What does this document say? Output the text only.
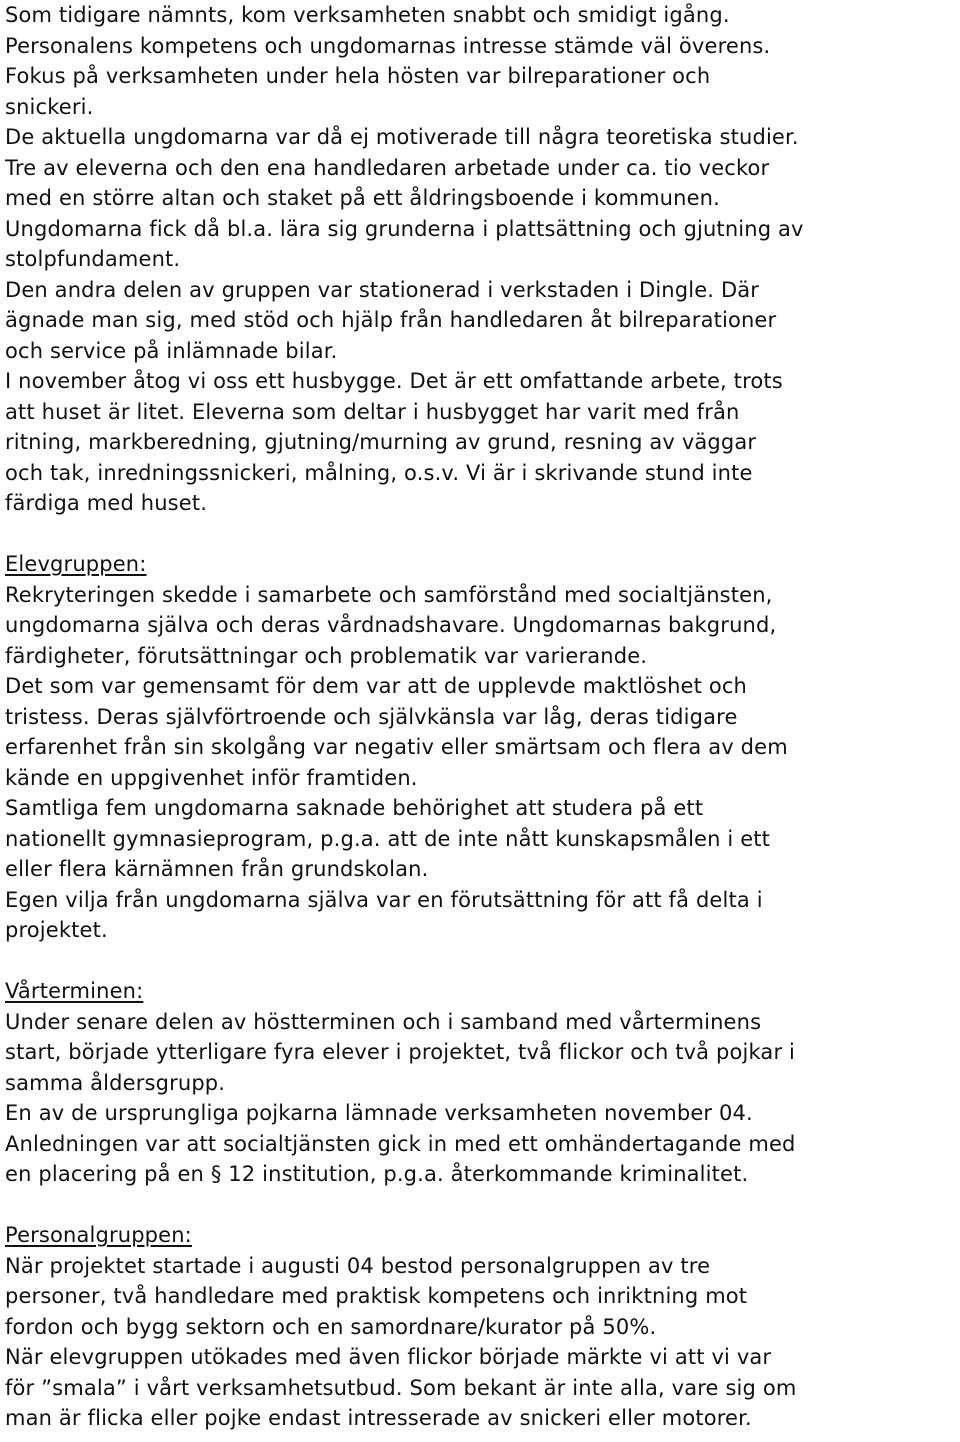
Som tidigare nämnts, kom verksamheten snabbt och smidigt igång.
Personalens kompetens och ungdomarnas intresse stämde väl överens.
Fokus på verksamheten under hela hösten var bilreparationer och
snickeri.
De aktuella ungdomarna var då ej motiverade till några teoretiska studier.
Tre av eleverna och den ena handledaren arbetade under ca. tio veckor
med en större altan och staket på ett åldringsboende i kommunen.
Ungdomarna fick då bl.a. lära sig grunderna i plattsättning och gjutning av
stolpfundament.
Den andra delen av gruppen var stationerad i verkstaden i Dingle. Där
ägnade man sig, med stöd och hjälp från handledaren åt bilreparationer
och service på inlämnade bilar.
I november åtog vi oss ett husbygge. Det är ett omfattande arbete, trots
att huset är litet. Eleverna som deltar i husbygget har varit med från
ritning, markberedning, gjutning/murning av grund, resning av väggar
och tak, inredningssnickeri, målning, o.s.v. Vi är i skrivande stund inte
färdiga med huset.
Elevgruppen:
Rekryteringen skedde i samarbete och samförstånd med socialtjänsten,
ungdomarna själva och deras vårdnadshavare. Ungdomarnas bakgrund,
färdigheter, förutsättningar och problematik var varierande.
Det som var gemensamt för dem var att de upplevde maktlöshet och
tristess. Deras självförtroende och självkänsla var låg, deras tidigare
erfarenhet från sin skolgång var negativ eller smärtsam och flera av dem
kände en uppgivenhet inför framtiden.
Samtliga fem ungdomarna saknade behörighet att studera på ett
nationellt gymnasieprogram, p.g.a. att de inte nått kunskapsmålen i ett
eller flera kärnämnen från grundskolan.
Egen vilja från ungdomarna själva var en förutsättning för att få delta i
projektet.
Vårterminen:
Under senare delen av höstterminen och i samband med vårterminens
start, började ytterligare fyra elever i projektet, två flickor och två pojkar i
samma åldersgrupp.
En av de ursprungliga pojkarna lämnade verksamheten november 04.
Anledningen var att socialtjänsten gick in med ett omhändertagande med
en placering på en § 12 institution, p.g.a. återkommande kriminalitet.
Personalgruppen:
När projektet startade i augusti 04 bestod personalgruppen av tre
personer, två handledare med praktisk kompetens och inriktning mot
fordon och bygg sektorn och en samordnare/kurator på 50%.
När elevgruppen utökades med även flickor började märkte vi att vi var
för ”smala” i vårt verksamhetsutbud. Som bekant är inte alla, vare sig om
man är flicka eller pojke endast intresserade av snickeri eller motorer.
